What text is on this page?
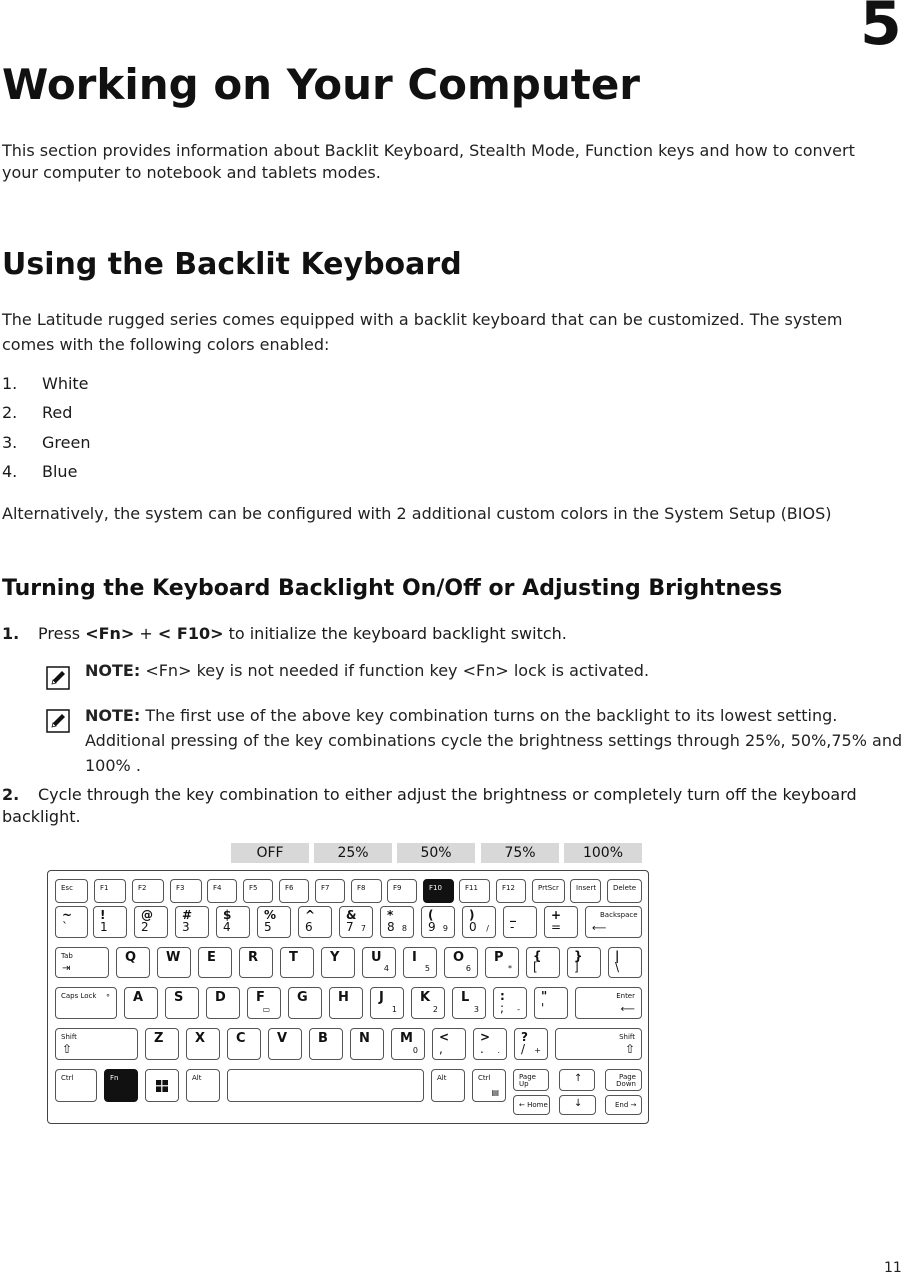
5
Working on Your Computer
This section provides information about Backlit Keyboard, Stealth Mode, Function keys and how to convert your computer to notebook and tablets modes.
Using the Backlit Keyboard
The Latitude rugged series comes equipped with a backlit keyboard that can be customized. The system comes with the following colors enabled:
1. White
2. Red
3. Green
4. Blue
Alternatively, the system can be configured with 2 additional custom colors in the System Setup (BIOS)
Turning the Keyboard Backlight On/Off or Adjusting Brightness
1. Press <Fn> + < F10> to initialize the keyboard backlight switch.
NOTE: <Fn> key is not needed if function key <Fn> lock is activated.
NOTE: The first use of the above key combination turns on the backlight to its lowest setting. Additional pressing of the key combinations cycle the brightness settings through 25%, 50%,75% and 100% .
2. Cycle through the key combination to either adjust the brightness or completely turn off the keyboard backlight.
OFF	25%	50%	75%	100%
Esc	F1	F2	F3	F4	F5	F6	F7	F8	F9	F10	F11	F12	PrtScr Insert Delete
~
`
!
1
@
2
#
3
$
4
%
5
^
6
&
7 7
*
8 8
(
9 9
)
0 /
_
-
+
=
Backspace
⟵
Tab
⇥
Q W E R T Y U
4
I
5
O
6
P
*
{
[
}
]
|
\
Caps Lock ° A S D F
▭
G H J
1
K
2
L
3
:
; -
"
'
Enter
⟵
Shift
⇧
Z X C V B N M
0
<
,
>
. .
?
/ +
Shift
⇧
Ctrl	Fn	Alt	Alt	Ctrl
▤
Page Up	↑	Page Down
← Home	↓	End →
11
